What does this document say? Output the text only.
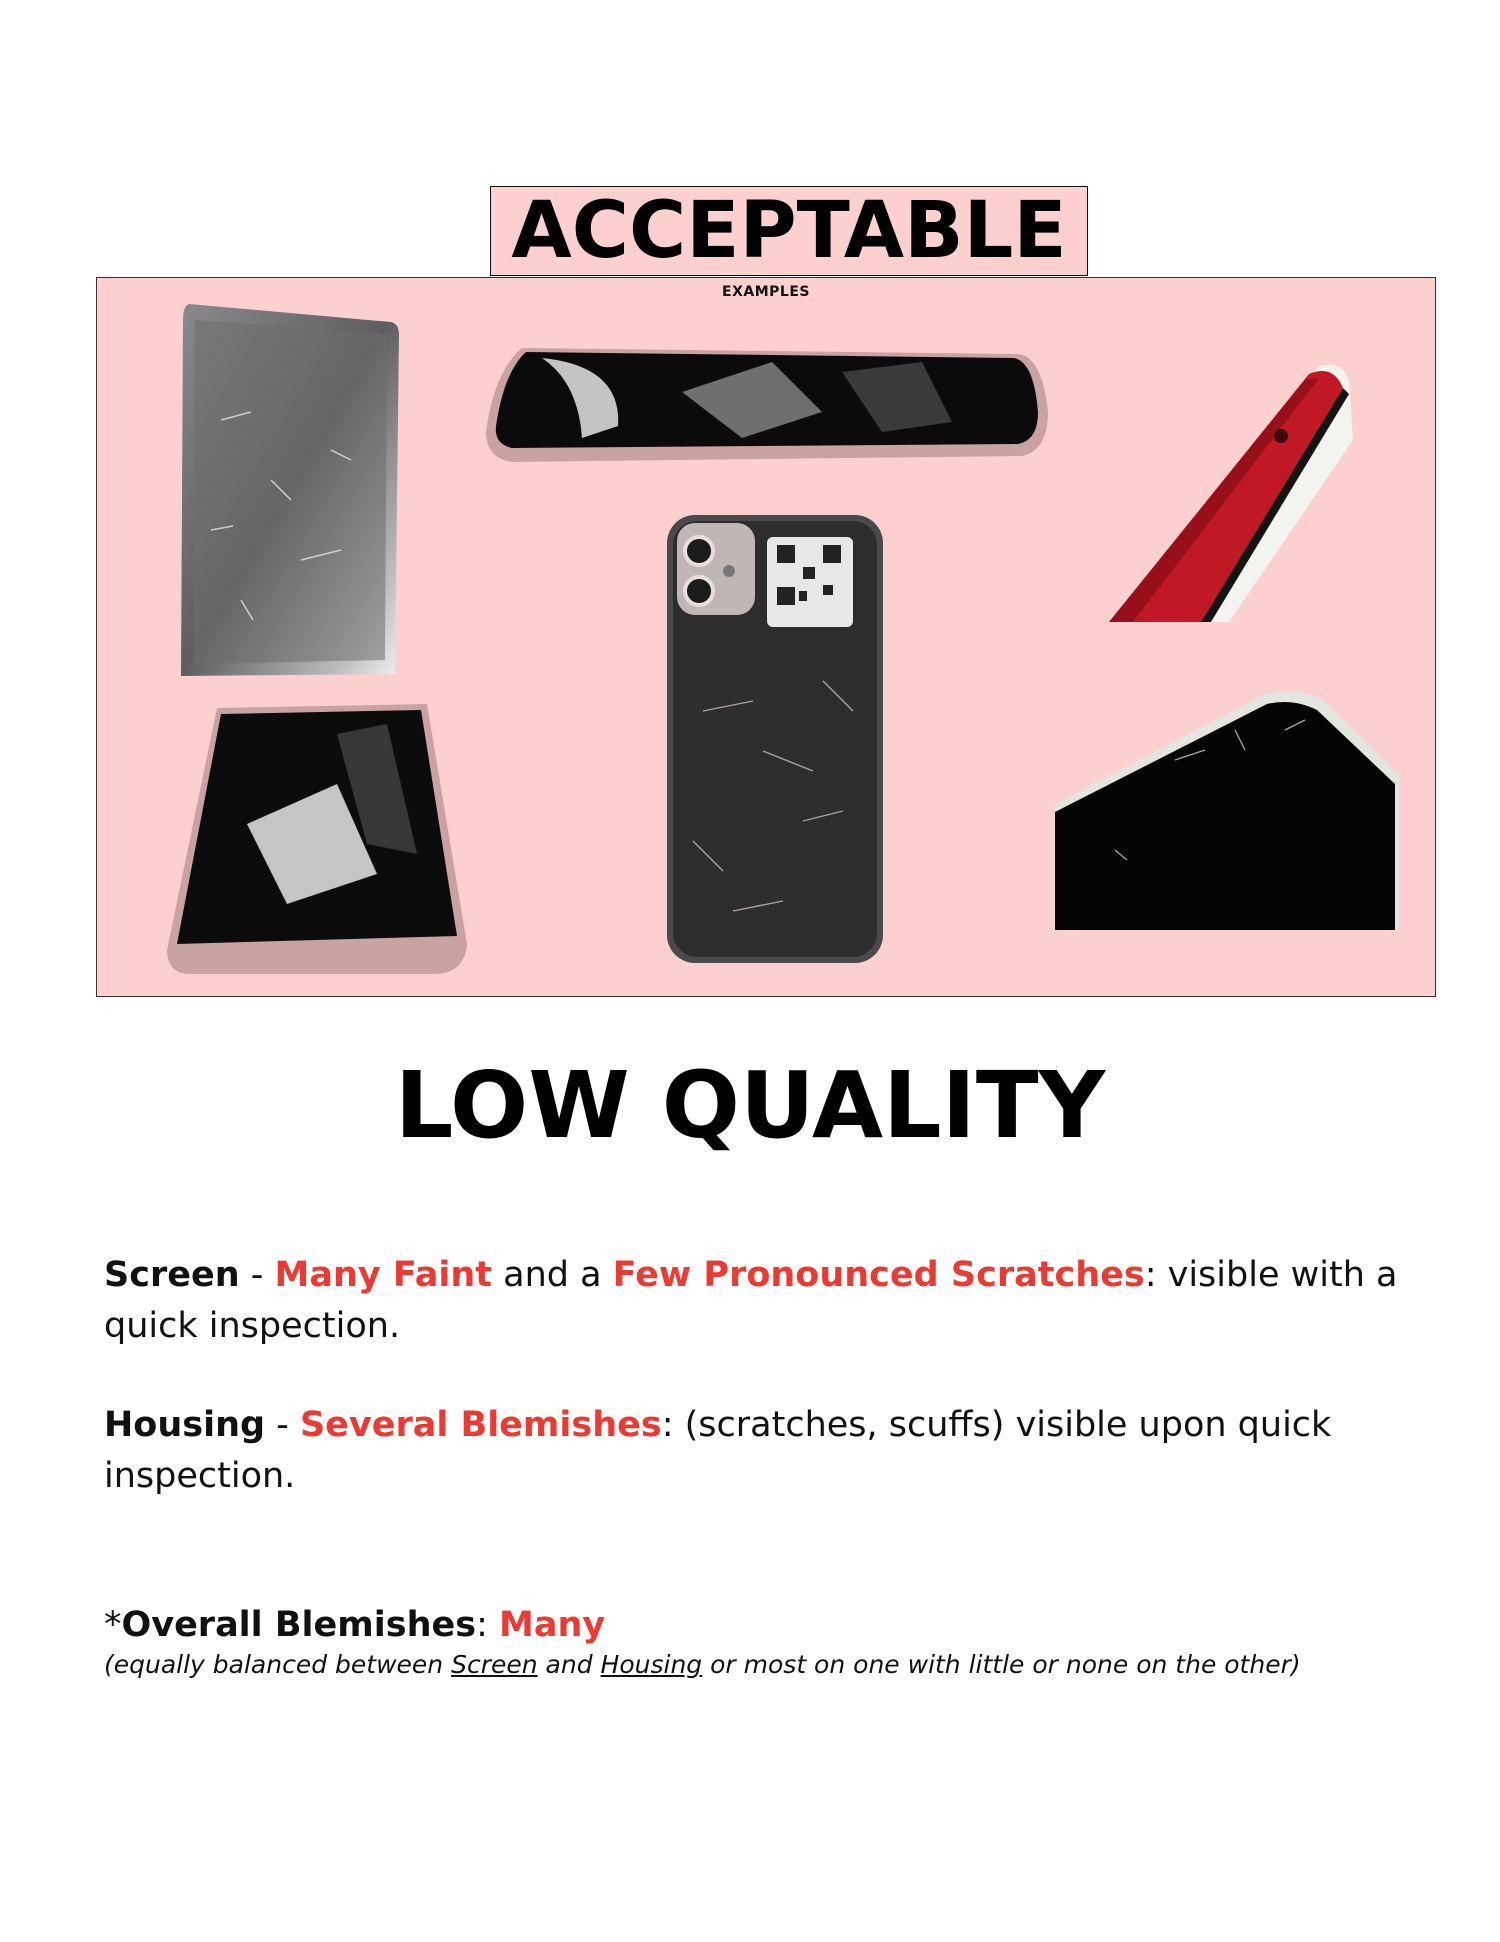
ACCEPTABLE
EXAMPLES
LOW QUALITY

Screen - Many Faint and a Few Pronounced Scratches: visible with a quick inspection.

Housing - Several Blemishes: (scratches, scuffs) visible upon quick inspection.

*Overall Blemishes: Many

(equally balanced between Screen and Housing or most on one with little or none on the other)
